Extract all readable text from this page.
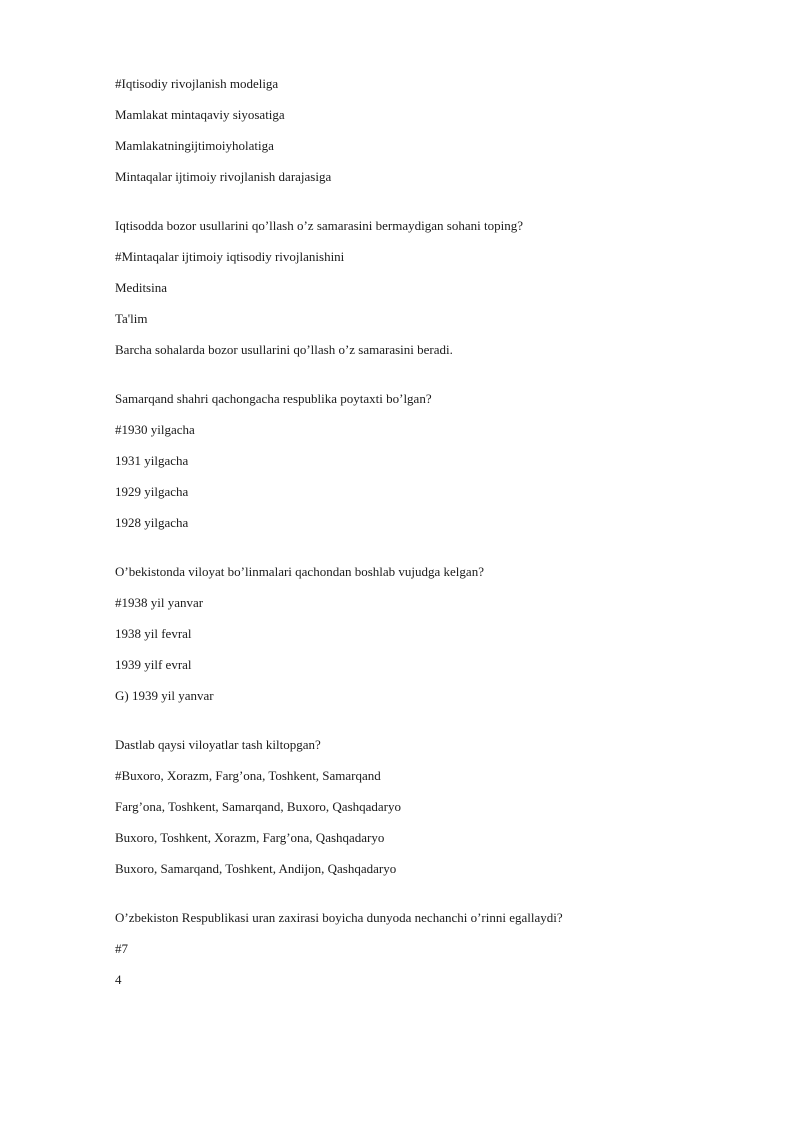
#Iqtisodiy rivojlanish modeliga
Mamlakat mintaqaviy siyosatiga
Mamlakatningijtimoiyholatiga
Mintaqalar ijtimoiy rivojlanish darajasiga
Iqtisodda bozor usullarini qo’llash o’z samarasini bermaydigan sohani toping?
#Mintaqalar ijtimoiy iqtisodiy rivojlanishini
Meditsina
Ta'lim
Barcha sohalarda bozor usullarini qo’llash o’z samarasini beradi.
Samarqand shahri qachongacha respublika poytaxti bo’lgan?
#1930 yilgacha
1931 yilgacha
1929 yilgacha
1928 yilgacha
O’bekistonda viloyat bo’linmalari qachondan boshlab vujudga kelgan?
#1938 yil yanvar
1938 yil fevral
1939 yilf evral
G) 1939 yil yanvar
Dastlab qaysi viloyatlar tash kiltopgan?
#Buxoro, Xorazm, Farg’ona, Toshkent, Samarqand
Farg’ona, Toshkent, Samarqand, Buxoro, Qashqadaryo
Buxoro, Toshkent, Xorazm, Farg’ona, Qashqadaryo
Buxoro, Samarqand, Toshkent, Andijon, Qashqadaryo
O’zbekiston Respublikasi uran zaxirasi boyicha dunyoda nechanchi o’rinni egallaydi?
#7
4
